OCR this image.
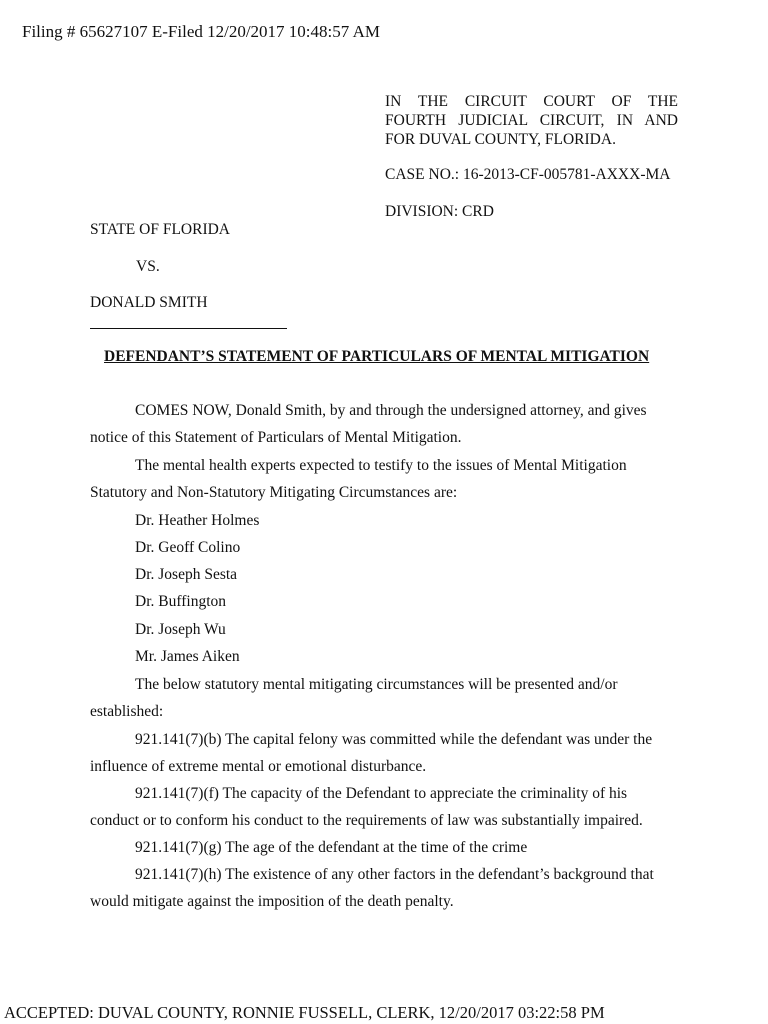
Filing # 65627107 E-Filed 12/20/2017 10:48:57 AM
IN THE CIRCUIT COURT OF THE
FOURTH JUDICIAL CIRCUIT, IN AND
FOR DUVAL COUNTY, FLORIDA.
CASE NO.: 16-2013-CF-005781-AXXX-MA
DIVISION: CRD
STATE OF FLORIDA
VS.
DONALD SMITH
DEFENDANT’S STATEMENT OF PARTICULARS OF MENTAL MITIGATION
COMES NOW, Donald Smith, by and through the undersigned attorney, and gives notice of this Statement of Particulars of Mental Mitigation.
The mental health experts expected to testify to the issues of Mental Mitigation Statutory and Non-Statutory Mitigating Circumstances are:
Dr. Heather Holmes
Dr. Geoff Colino
Dr. Joseph Sesta
Dr. Buffington
Dr. Joseph Wu
Mr. James Aiken
The below statutory mental mitigating circumstances will be presented and/or established:
921.141(7)(b) The capital felony was committed while the defendant was under the influence of extreme mental or emotional disturbance.
921.141(7)(f) The capacity of the Defendant to appreciate the criminality of his conduct or to conform his conduct to the requirements of law was substantially impaired.
921.141(7)(g) The age of the defendant at the time of the crime
921.141(7)(h) The existence of any other factors in the defendant’s background that would mitigate against the imposition of the death penalty.
ACCEPTED: DUVAL COUNTY, RONNIE FUSSELL, CLERK, 12/20/2017 03:22:58 PM
